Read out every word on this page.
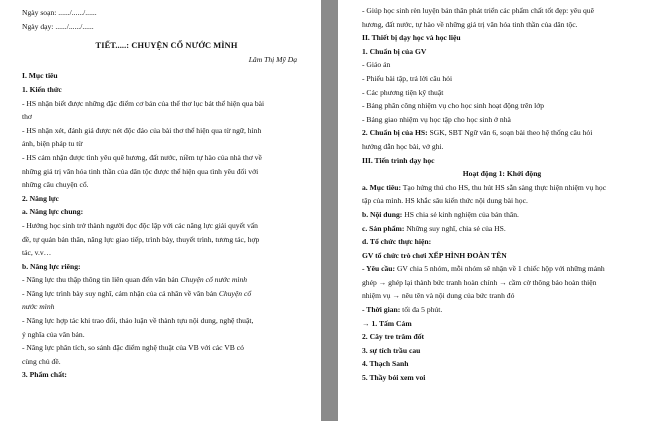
Ngày soạn: ....../....../......
Ngày dạy: ....../....../......
TIẾT.....: CHUYỆN CỔ NƯỚC MÌNH
Lâm Thị Mỹ Dạ
I. Mục tiêu
1. Kiến thức
- HS nhận biết được những đặc điểm cơ bản của thể thơ lục bát thể hiện qua bài
thơ
- HS nhận xét, đánh giá được nét độc đáo của bài thơ thể hiện qua từ ngữ, hình
ảnh, biện pháp tu từ
- HS cảm nhận được tình yêu quê hương, đất nước, niềm tự hào của nhà thơ về
những giá trị văn hóa tinh thần của dân tộc được thể hiện qua tình yêu đối với
những câu chuyện cổ.
2. Năng lực
a. Năng lực chung:
- Hướng học sinh trở thành người đọc độc lập với các năng lực giải quyết vấn
đề, tự quản bản thân, năng lực giao tiếp, trình bày, thuyết trình, tương tác, hợp
tác, v.v…
b. Năng lực riêng:
- Năng lực thu thập thông tin liên quan đến văn bản Chuyện cổ nước mình
- Năng lực trình bày suy nghĩ, cảm nhận của cá nhân về văn bản Chuyện cổ
nước mình
- Năng lực hợp tác khi trao đổi, thảo luận về thành tựu nội dung, nghệ thuật,
ý nghĩa của văn bản.
- Năng lực phân tích, so sánh đặc điểm nghệ thuật của VB với các VB có
cùng chủ đề.
3. Phẩm chất:
- Giúp học sinh rèn luyện bản thân phát triển các phẩm chất tốt đẹp: yêu quê
hương, đất nước, tự hào về những giá trị văn hóa tinh thần của dân tộc.
II. Thiết bị dạy học và học liệu
1. Chuẩn bị của GV
- Giáo án
- Phiếu bài tập, trả lời câu hỏi
- Các phương tiện kỹ thuật
- Bảng phân công nhiệm vụ cho học sinh hoạt động trên lớp
- Bảng giao nhiệm vụ học tập cho học sinh ở nhà
2. Chuẩn bị của HS: SGK, SBT Ngữ văn 6, soạn bài theo hệ thống câu hỏi
hướng dẫn học bài, vở ghi.
III. Tiến trình dạy học
Hoạt động 1: Khởi động
a. Mục tiêu: Tạo hứng thú cho HS, thu hút HS sẵn sàng thực hiện nhiệm vụ học
tập của mình. HS khắc sâu kiến thức nội dung bài học.
b. Nội dung: HS chia sẻ kinh nghiệm của bản thân.
c. Sản phẩm: Những suy nghĩ, chia sẻ của HS.
d. Tổ chức thực hiện:
GV tổ chức trò chơi XẾP HÌNH ĐOÀN TÊN
- Yêu cầu: GV chia 5 nhóm, mỗi nhóm sẽ nhận về 1 chiếc hộp với những mảnh
ghép → ghép lại thành bức tranh hoàn chỉnh → cầm cờ thông báo hoàn thiện
nhiệm vụ → nêu tên và nội dung của bức tranh đó
- Thời gian: tối đa 5 phút.
→ 1. Tấm Cám
2. Cây tre trăm đốt
3. sự tích trầu cau
4. Thạch Sanh
5. Thầy bói xem voi
